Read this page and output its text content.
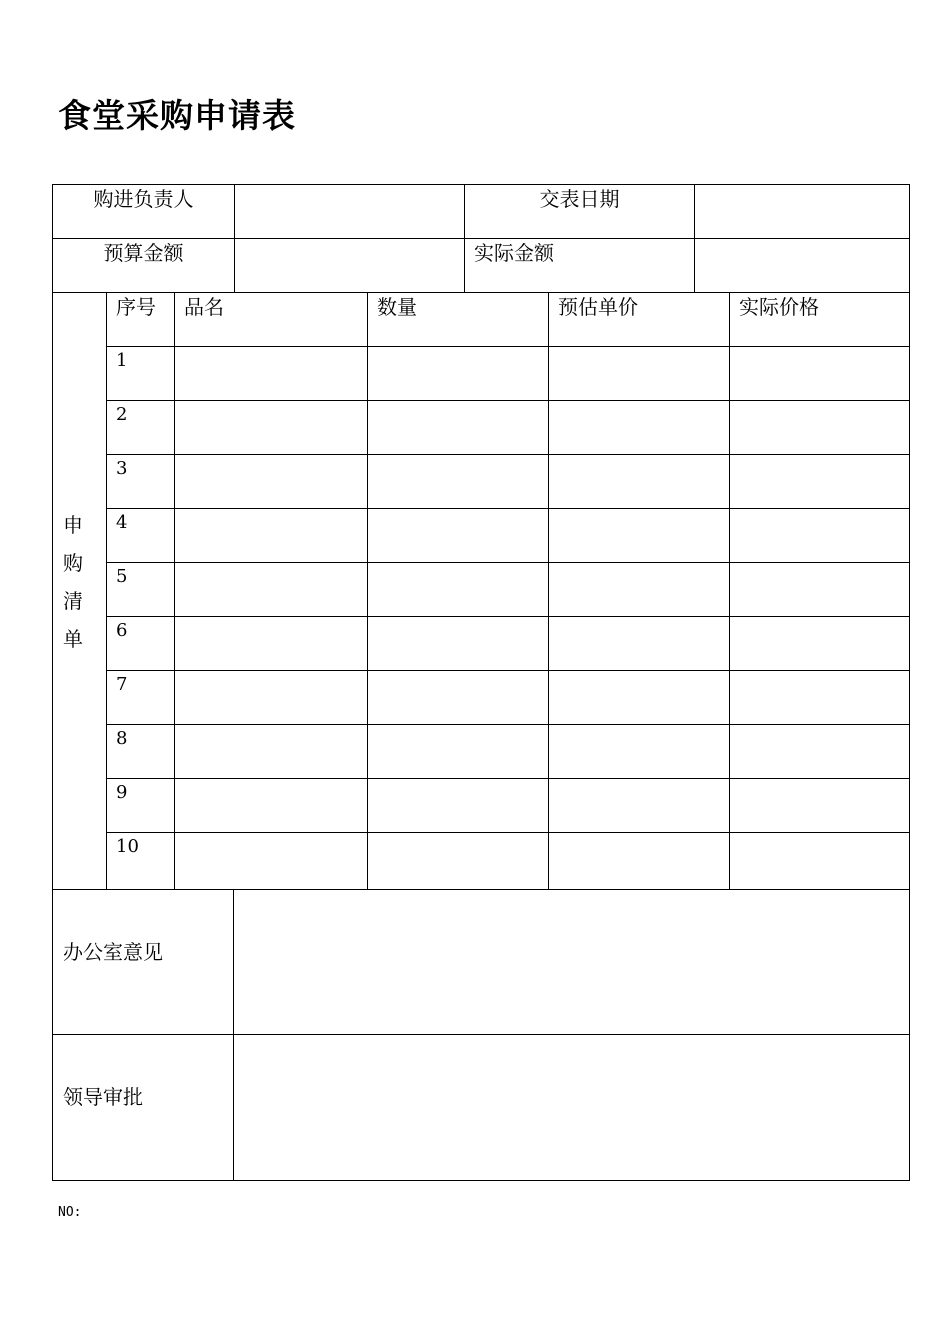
食堂采购申请表
购进负责人	交表日期
预算金额	实际金额
申购清单
序号	品名	数量	预估单价	实际价格
1
2
3
4
5
6
7
8
9
10
办公室意见
领导审批
NO:
